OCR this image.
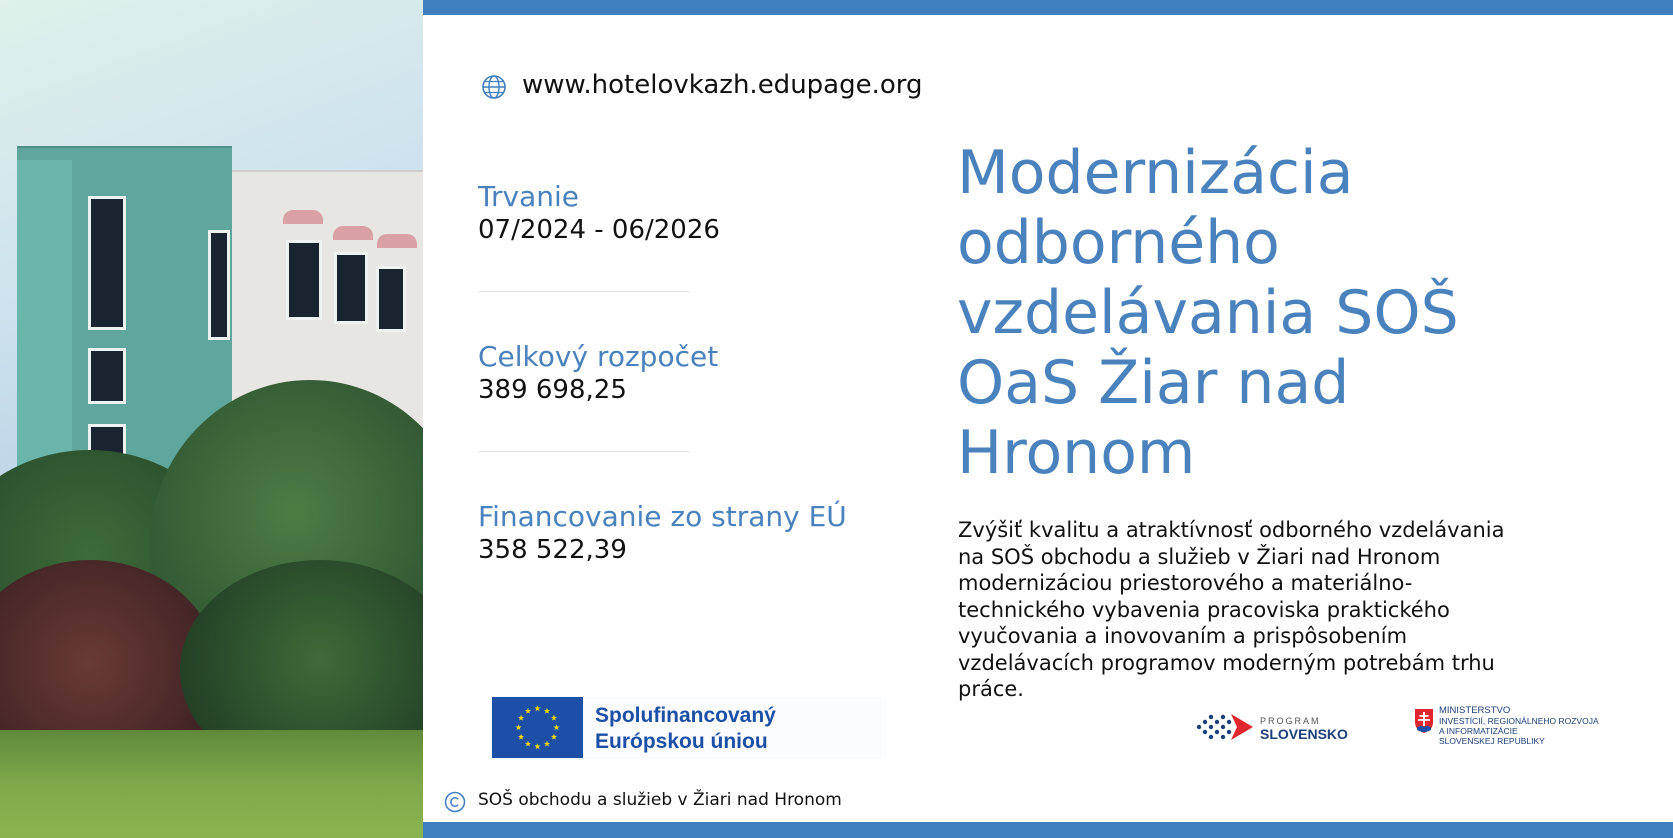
www.hotelovkazh.edupage.org
Trvanie
07/2024 - 06/2026
Celkový rozpočet
389 698,25
Financovanie zo strany EÚ
358 522,39
Modernizácia odborného vzdelávania SOŠ OaS Žiar nad Hronom

Zvýšiť kvalitu a atraktívnosť odborného vzdelávania na SOŠ obchodu a služieb v Žiari nad Hronom modernizáciou priestorového a materiálno-technického vybavenia pracoviska praktického vyučovania a inovovaním a prispôsobením vzdelávacích programov moderným potrebám trhu práce.

Spolufinancovaný
Európskou úniou
PROGRAM
SLOVENSKO
MINISTERSTVO
INVESTÍCIÍ, REGIONÁLNEHO ROZVOJA
A INFORMATIZÁCIE
SLOVENSKEJ REPUBLIKY
SOŠ obchodu a služieb v Žiari nad Hronom
